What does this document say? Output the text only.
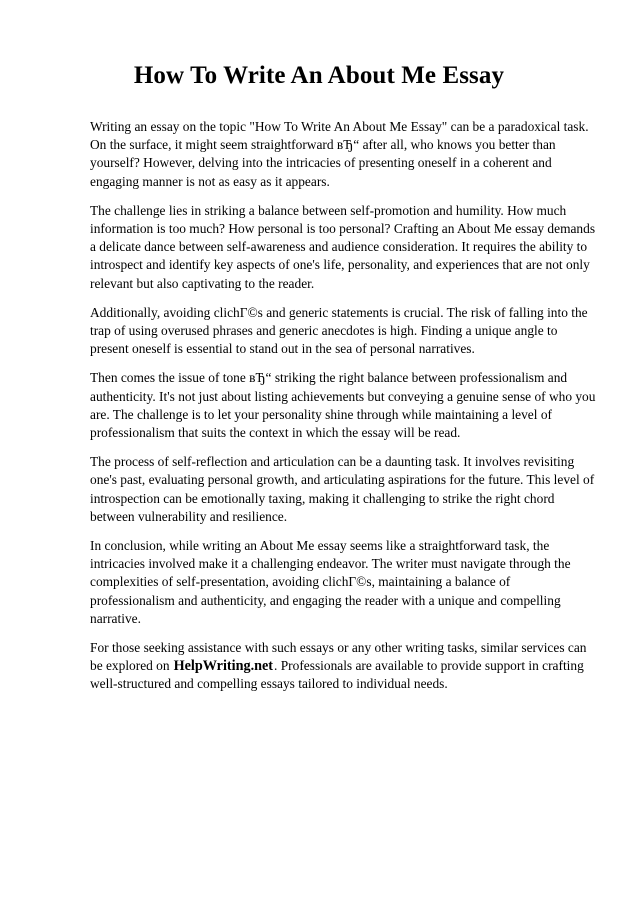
How To Write An About Me Essay

Writing an essay on the topic "How To Write An About Me Essay" can be a paradoxical task. On the surface, it might seem straightforward вЂ“ after all, who knows you better than yourself? However, delving into the intricacies of presenting oneself in a coherent and engaging manner is not as easy as it appears.

The challenge lies in striking a balance between self-promotion and humility. How much information is too much? How personal is too personal? Crafting an About Me essay demands a delicate dance between self-awareness and audience consideration. It requires the ability to introspect and identify key aspects of one's life, personality, and experiences that are not only relevant but also captivating to the reader.

Additionally, avoiding clichГ©s and generic statements is crucial. The risk of falling into the trap of using overused phrases and generic anecdotes is high. Finding a unique angle to present oneself is essential to stand out in the sea of personal narratives.

Then comes the issue of tone вЂ“ striking the right balance between professionalism and authenticity. It's not just about listing achievements but conveying a genuine sense of who you are. The challenge is to let your personality shine through while maintaining a level of professionalism that suits the context in which the essay will be read.

The process of self-reflection and articulation can be a daunting task. It involves revisiting one's past, evaluating personal growth, and articulating aspirations for the future. This level of introspection can be emotionally taxing, making it challenging to strike the right chord between vulnerability and resilience.

In conclusion, while writing an About Me essay seems like a straightforward task, the intricacies involved make it a challenging endeavor. The writer must navigate through the complexities of self-presentation, avoiding clichГ©s, maintaining a balance of professionalism and authenticity, and engaging the reader with a unique and compelling narrative.

For those seeking assistance with such essays or any other writing tasks, similar services can be explored on HelpWriting.net. Professionals are available to provide support in crafting well-structured and compelling essays tailored to individual needs.
